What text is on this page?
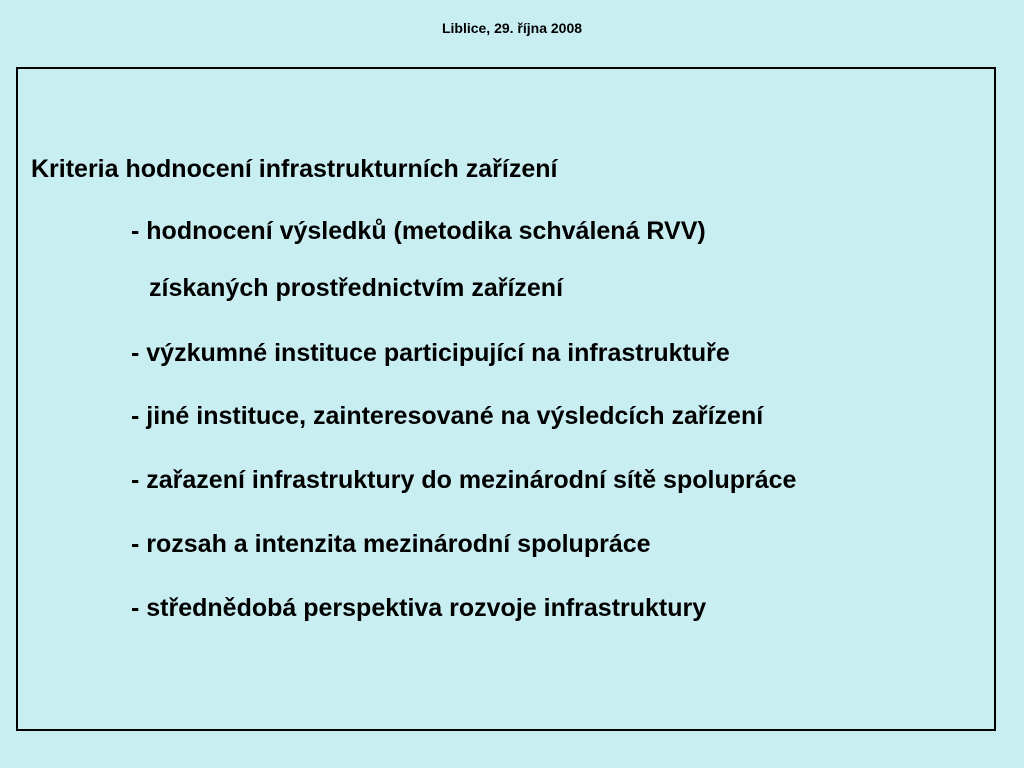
Liblice, 29. října 2008
Kriteria hodnocení infrastrukturních zařízení
- hodnocení výsledků (metodika schválená RVV)
získaných prostřednictvím zařízení
- výzkumné instituce participující na infrastruktuře
- jiné instituce, zainteresované na výsledcích zařízení
- zařazení infrastruktury do mezinárodní sítě spolupráce
- rozsah a intenzita mezinárodní spolupráce
- střednědobá perspektiva rozvoje infrastruktury
